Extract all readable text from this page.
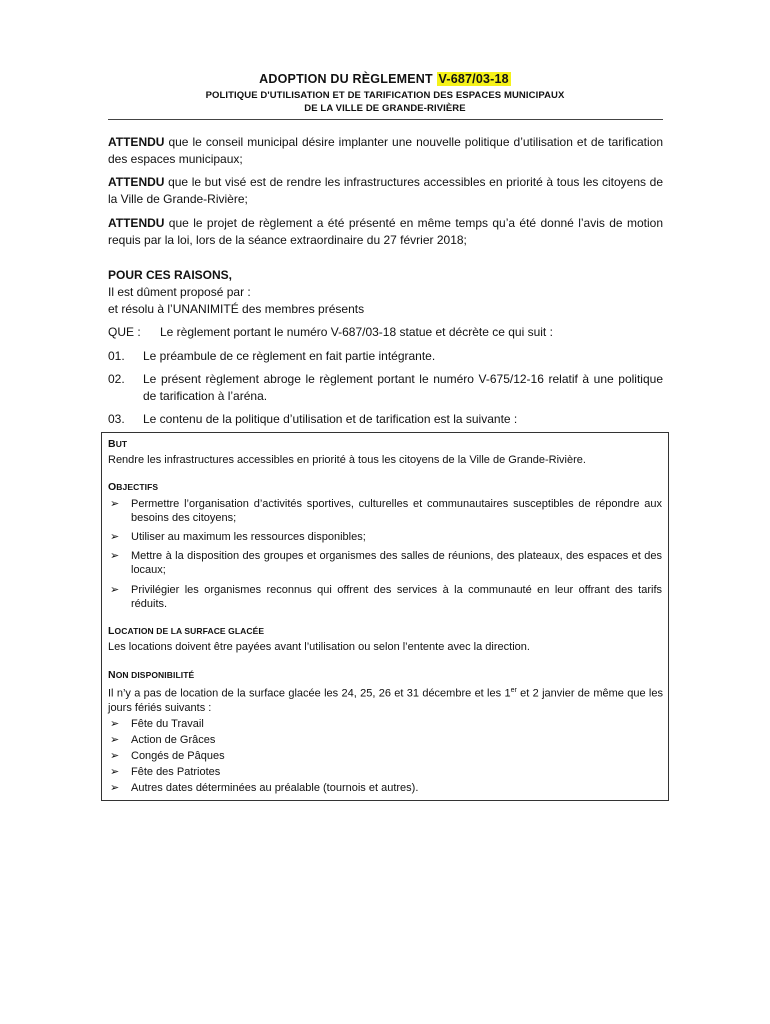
ADOPTION DU RÈGLEMENT V-687/03-18
POLITIQUE D'UTILISATION ET DE TARIFICATION DES ESPACES MUNICIPAUX
DE LA VILLE DE GRANDE-RIVIÈRE
ATTENDU que le conseil municipal désire implanter une nouvelle politique d’utilisation et de tarification des espaces municipaux;
ATTENDU que le but visé est de rendre les infrastructures accessibles en priorité à tous les citoyens de la Ville de Grande-Rivière;
ATTENDU que le projet de règlement a été présenté en même temps qu’a été donné l’avis de motion requis par la loi, lors de la séance extraordinaire du 27 février 2018;
POUR CES RAISONS,
Il est dûment proposé par :
et résolu à l’UNANIMITÉ des membres présents
QUE : Le règlement portant le numéro V-687/03-18 statue et décrète ce qui suit :
01. Le préambule de ce règlement en fait partie intégrante.
02. Le présent règlement abroge le règlement portant le numéro V-675/12-16 relatif à une politique de tarification à l’aréna.
03. Le contenu de la politique d’utilisation et de tarification est la suivante :
BUT
Rendre les infrastructures accessibles en priorité à tous les citoyens de la Ville de Grande-Rivière.
OBJECTIFS
➢ Permettre l’organisation d’activités sportives, culturelles et communautaires susceptibles de répondre aux besoins des citoyens;
➢ Utiliser au maximum les ressources disponibles;
➢ Mettre à la disposition des groupes et organismes des salles de réunions, des plateaux, des espaces et des locaux;
➢ Privilégier les organismes reconnus qui offrent des services à la communauté en leur offrant des tarifs réduits.
LOCATION DE LA SURFACE GLACÉE
Les locations doivent être payées avant l’utilisation ou selon l’entente avec la direction.
NON DISPONIBILITÉ
Il n’y a pas de location de la surface glacée les 24, 25, 26 et 31 décembre et les 1er et 2 janvier de même que les jours fériés suivants :
➢ Fête du Travail
➢ Action de Grâces
➢ Congés de Pâques
➢ Fête des Patriotes
➢ Autres dates déterminées au préalable (tournois et autres).
